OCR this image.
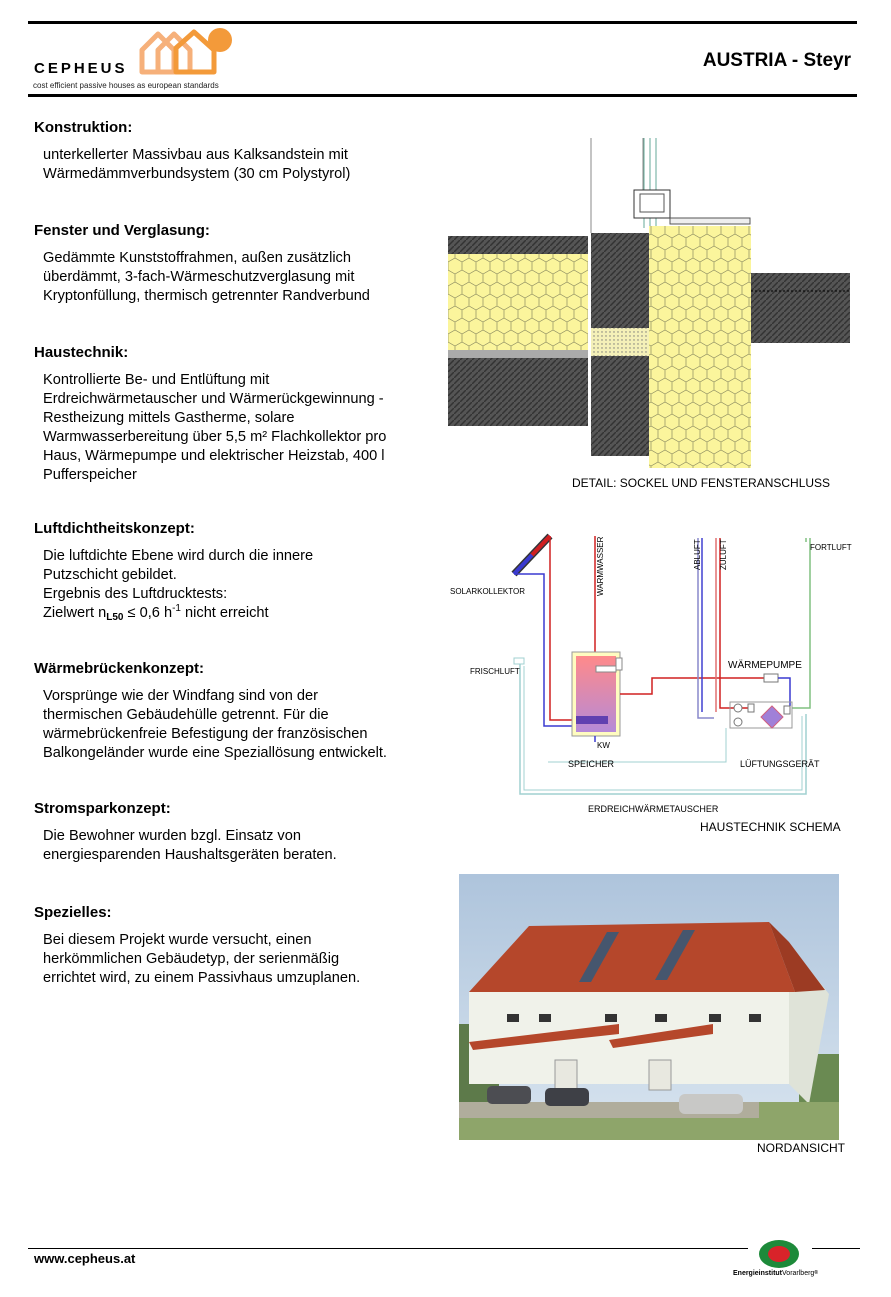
CEPHEUS
cost efficient passive houses as european standards
AUSTRIA - Steyr
Konstruktion:
unterkellerter Massivbau aus Kalksandstein mit
Wärmedämmverbundsystem (30 cm Polystyrol)
Fenster und Verglasung:
Gedämmte Kunststoffrahmen, außen zusätzlich
überdämmt, 3-fach-Wärmeschutzverglasung mit
Kryptonfüllung, thermisch getrennter Randverbund
Haustechnik:
Kontrollierte Be- und Entlüftung mit
Erdreichwärmetauscher und Wärmerückgewinnung -
Restheizung mittels Gastherme, solare
Warmwasserbereitung über 5,5 m² Flachkollektor pro
Haus, Wärmepumpe und elektrischer Heizstab, 400 l
Pufferspeicher
Luftdichtheitskonzept:
Die luftdichte Ebene wird durch die innere
Putzschicht gebildet.
Ergebnis des Luftdrucktests:
Zielwert $n_{L50} \le 0,6$ $h^{-1}$ nicht erreicht
Wärmebrückenkonzept:
Vorsprünge wie der Windfang sind von der
thermischen Gebäudehülle getrennt. Für die
wärmebrückenfreie Befestigung der französischen
Balkongeländer wurde eine Speziallösung entwickelt.
Stromsparkonzept:
Die Bewohner wurden bzgl. Einsatz von
energiesparenden Haushaltsgeräten beraten.
Spezielles:
Bei diesem Projekt wurde versucht, einen
herkömmlichen Gebäudetyp, der serienmäßig
errichtet wird, zu einem Passivhaus umzuplanen.
DETAIL: SOCKEL UND FENSTERANSCHLUSS
SOLARKOLLEKTOR	WARMWASSER	ABLUFT ZULUFT	FORTLUFT
FRISCHLUFT
WÄRMEPUMPE
KW
SPEICHER	LÜFTUNGSGERÄT
ERDREICHWÄRMETAUSCHER
HAUSTECHNIK SCHEMA
NORDANSICHT
www.cepheus.at
EnergieinstitutVorarlberg®
